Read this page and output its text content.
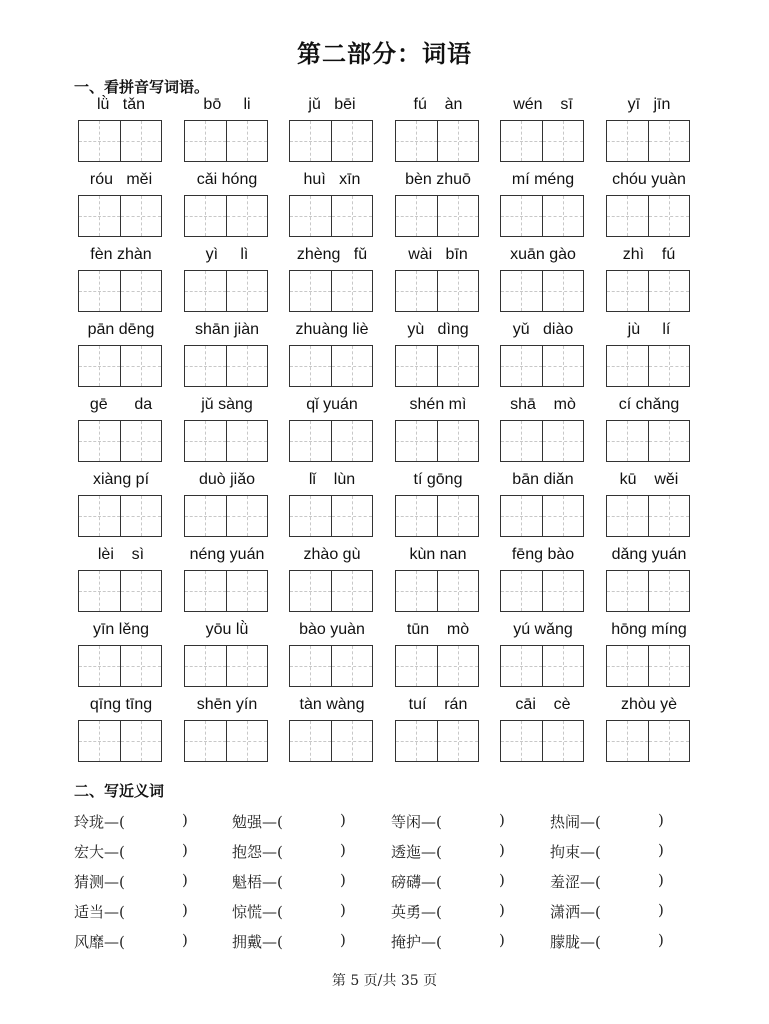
第二部分：词语
一、看拼音写词语。
lǜ   tǎn	bō     li	jǔ   bēi	fú    àn	wén    sī	yī   jīn
róu   měi	cǎi hóng	huì   xīn	bèn zhuō	mí méng	chóu yuàn
fèn zhàn	yì     lì	zhèng   fǔ	wài   bīn	xuān gào	zhì    fú
pān dēng	shān jiàn	zhuàng liè	yù   dìng	yǔ   diào	jù     lí
gē      da	jǔ sàng	qǐ yuán	shén mì	shā    mò	cí chǎng
xiàng pí	duò jiǎo	lǐ    lùn	tí gōng	bān diǎn	kū    wěi
lèi    sì	néng yuán	zhào gù	kùn nan	fēng bào	dǎng yuán
yīn lěng	yōu lǜ	bào yuàn	tūn    mò	yú wǎng	hōng míng
qīng tīng	shēn yín	tàn wàng	tuí    rán	cāi    cè	zhòu yè
二、写近义词
玲珑—(	)	勉强—(	)	等闲—(	)	热闹—(	)
宏大—(	)	抱怨—(	)	透迤—(	)	拘束—(	)
猜测—(	)	魁梧—(	)	磅礴—(	)	羞涩—(	)
适当—(	)	惊慌—(	)	英勇—(	)	潇洒—(	)
风靡—(	)	拥戴—(	)	掩护—(	)	朦胧—(	)
第 5 页/共 35 页
